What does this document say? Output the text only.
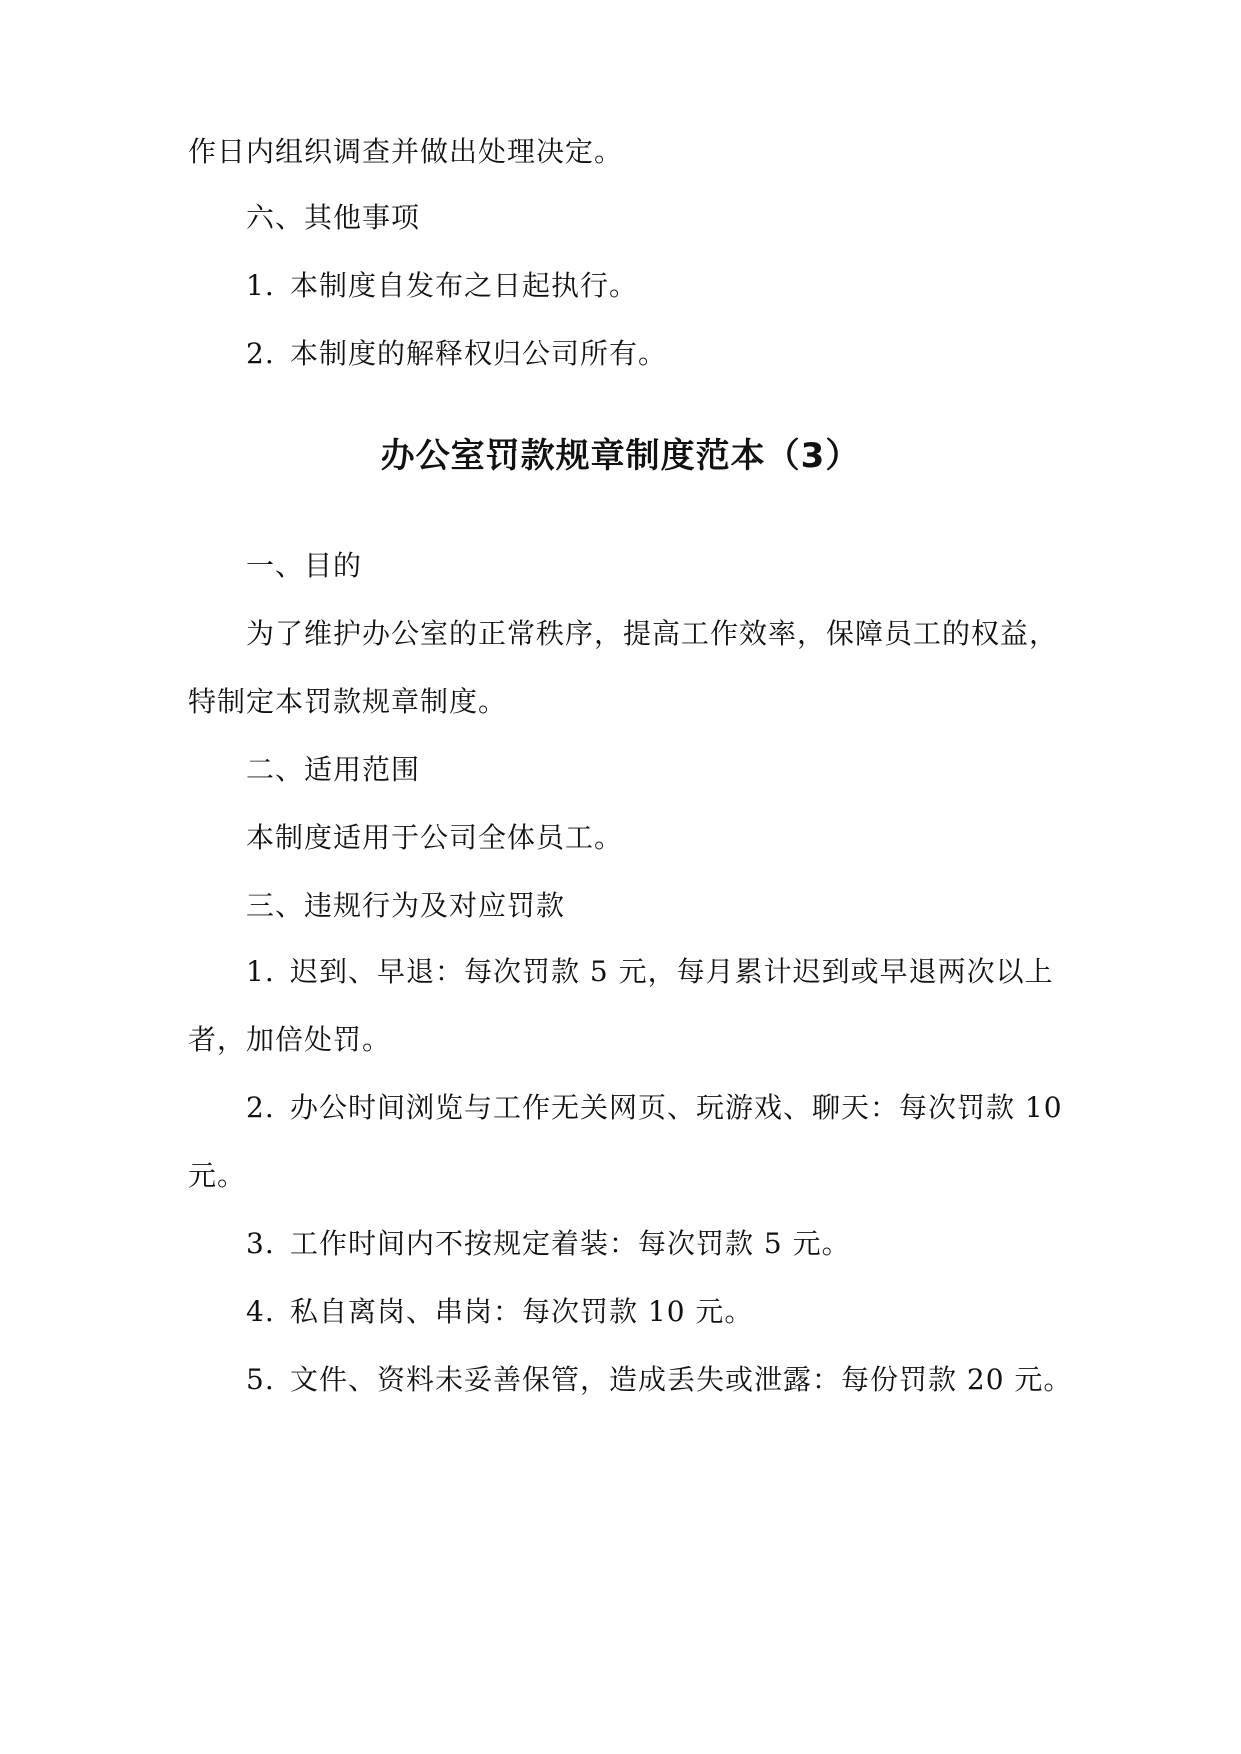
作日内组织调查并做出处理决定。
六、其他事项
1. 本制度自发布之日起执行。
2. 本制度的解释权归公司所有。
办公室罚款规章制度范本（3）
一、目的
为了维护办公室的正常秩序，提高工作效率，保障员工的权益，
特制定本罚款规章制度。
二、适用范围
本制度适用于公司全体员工。
三、违规行为及对应罚款
1. 迟到、早退：每次罚款 5 元，每月累计迟到或早退两次以上
者，加倍处罚。
2. 办公时间浏览与工作无关网页、玩游戏、聊天：每次罚款 10
元。
3. 工作时间内不按规定着装：每次罚款 5 元。
4. 私自离岗、串岗：每次罚款 10 元。
5. 文件、资料未妥善保管，造成丢失或泄露：每份罚款 20 元。
